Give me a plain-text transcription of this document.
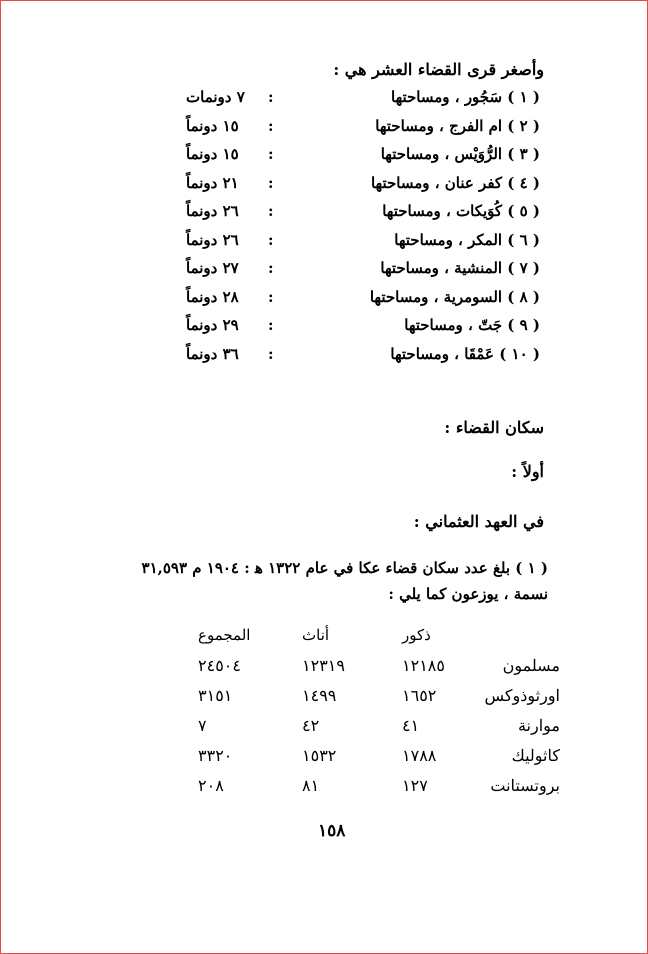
وأصغر قرى القضاء العشر هي :
( ١ ) سَجُور ، ومساحتها
:
٧ دونمات
( ٢ ) ام الفرج ، ومساحتها
:
١٥ دونماً
( ٣ ) الرُّوَيْس ، ومساحتها
:
١٥ دونماً
( ٤ ) كفر عنان ، ومساحتها
:
٢١ دونماً
( ٥ ) كُوَيكات ، ومساحتها
:
٢٦ دونماً
( ٦ ) المكر ، ومساحتها
:
٢٦ دونماً
( ٧ ) المنشية ، ومساحتها
:
٢٧ دونماً
( ٨ ) السومرية ، ومساحتها
:
٢٨ دونماً
( ٩ ) جَتّ ، ومساحتها
:
٢٩ دونماً
( ١٠ ) عَمْقَا ، ومساحتها
:
٣٦ دونماً
سكان القضاء :
أولاً :
في العهد العثماني :

( ١ ) بلغ عدد سكان قضاء عكا في عام ١٣٢٢ ﻫ : ١٩٠٤ م ٣١,٥٩٣

نسمة ، يوزعون كما يلي :

ذكور
أناث
المجموع
مسلمون
١٢١٨٥
١٢٣١٩
٢٤٥٠٤
اورثوذوكس
١٦٥٢
١٤٩٩
٣١٥١
موارنة
٤١
٤٢
٧
كاثوليك
١٧٨٨
١٥٣٢
٣٣٢٠
بروتستانت
١٢٧
٨١
٢٠٨
١٥٨
